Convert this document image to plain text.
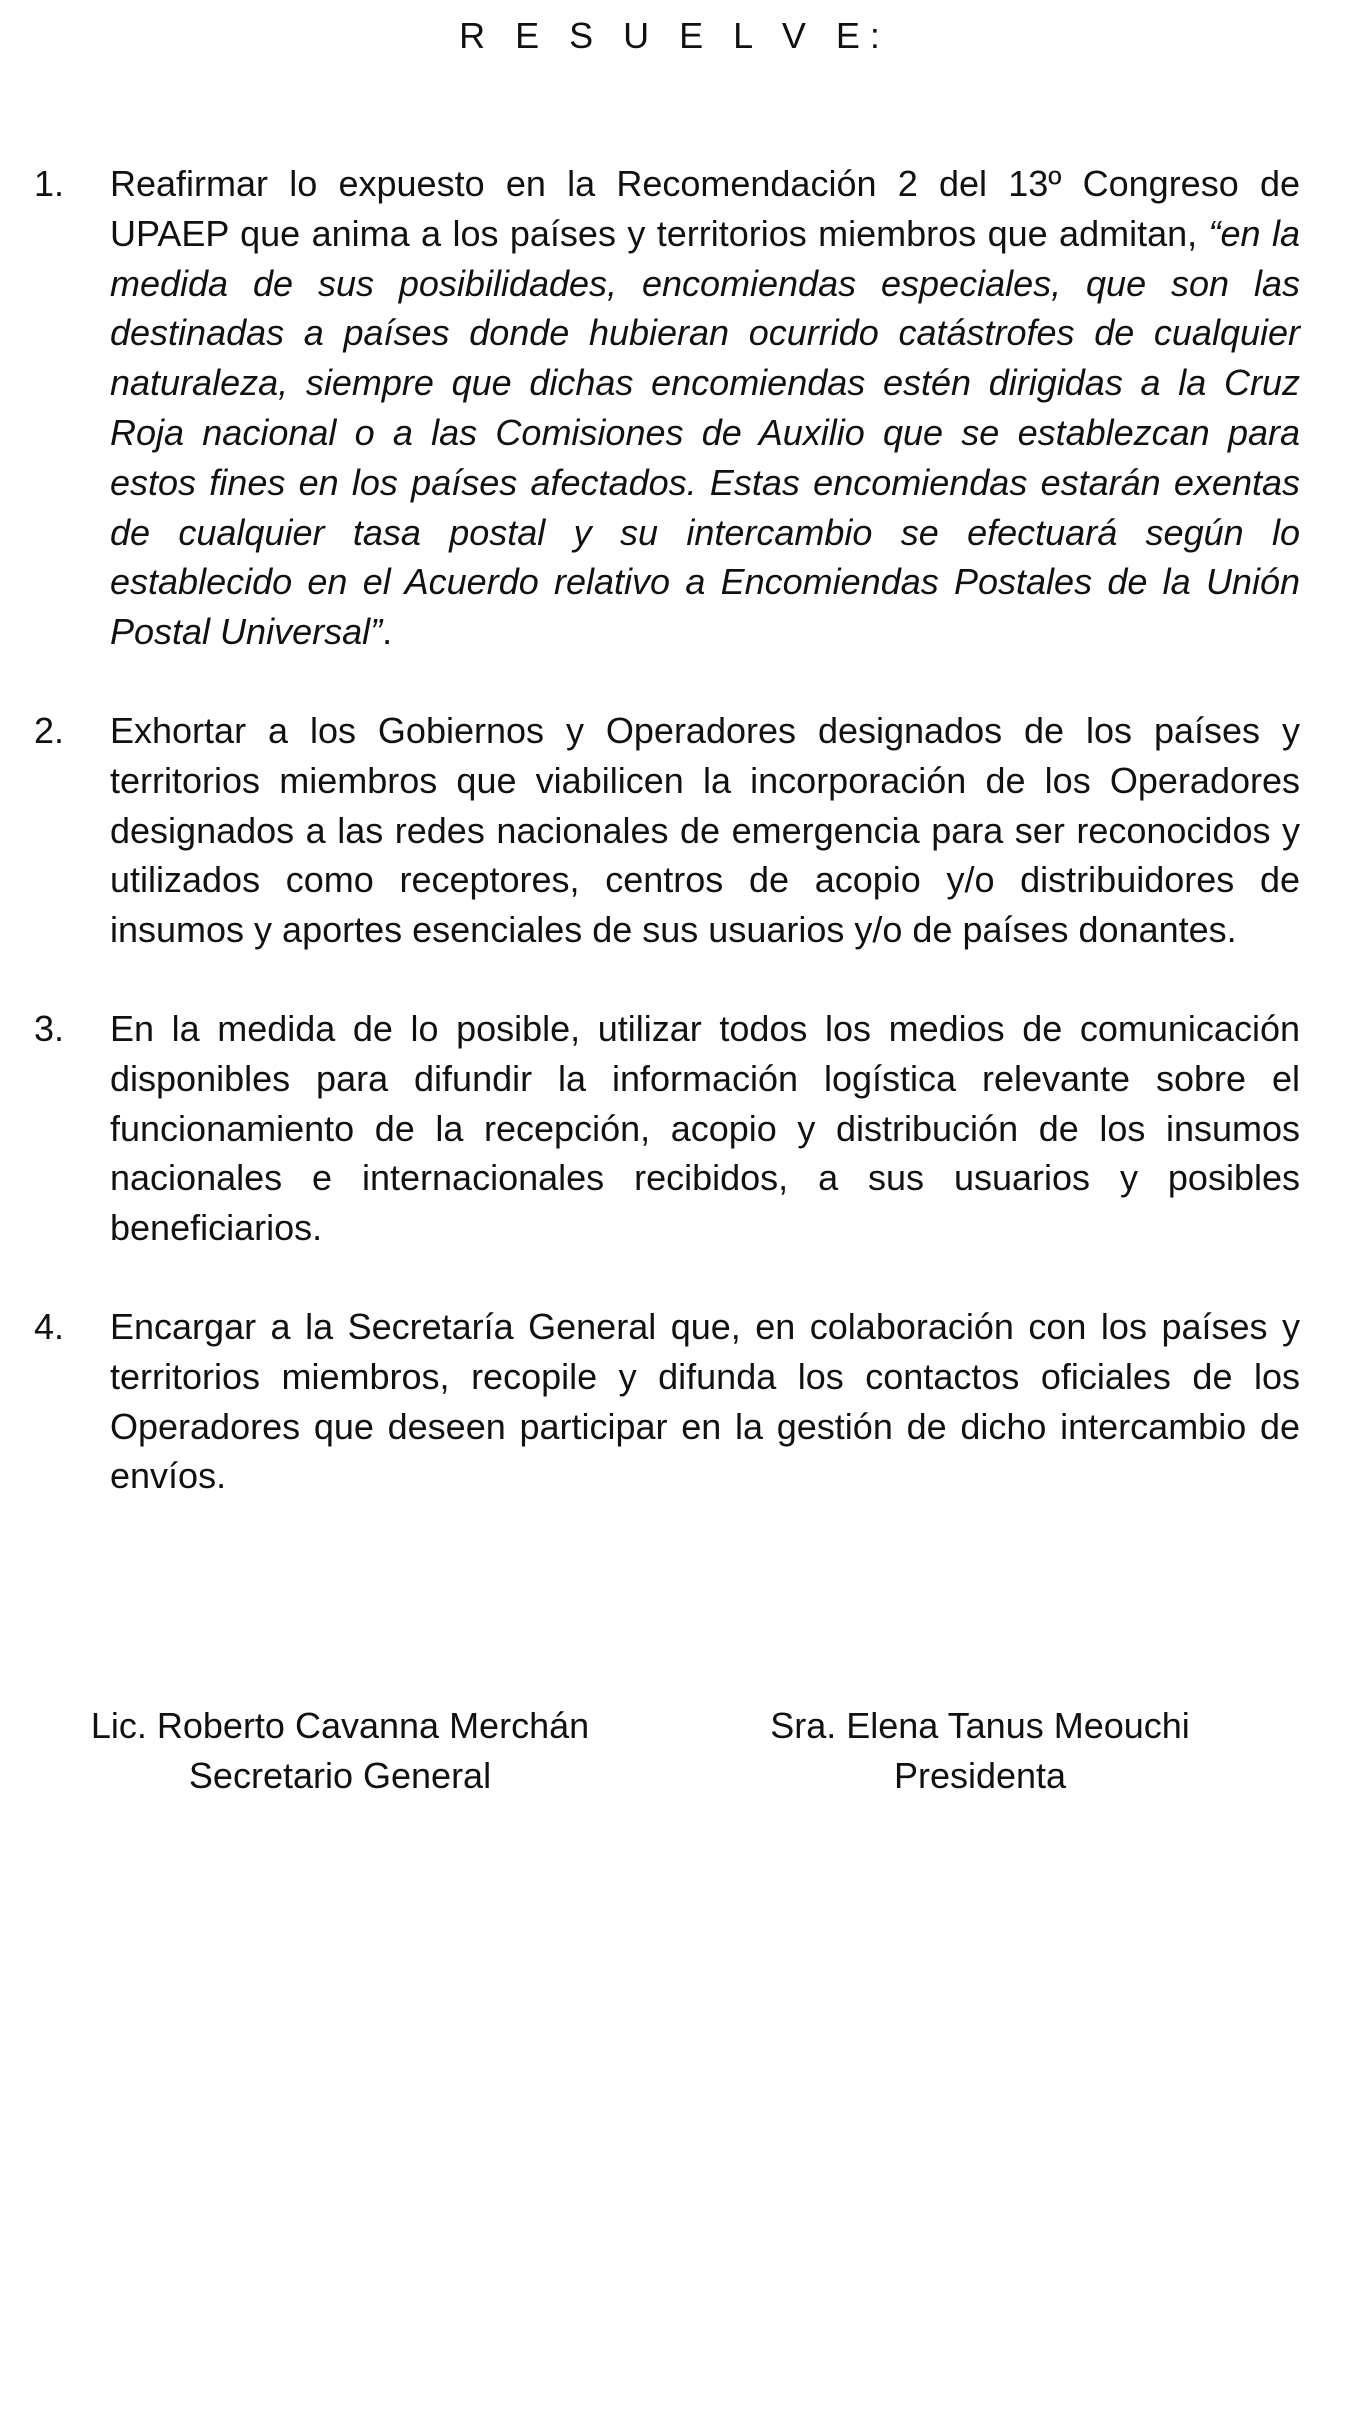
R E S U E L V E:
1. Reafirmar lo expuesto en la Recomendación 2 del 13º Congreso de UPAEP que anima a los países y territorios miembros que admitan, “en la medida de sus posibilidades, encomiendas especiales, que son las destinadas a países donde hubieran ocurrido catástrofes de cualquier naturaleza, siempre que dichas encomiendas estén dirigidas a la Cruz Roja nacional o a las Comisiones de Auxilio que se establezcan para estos fines en los países afectados. Estas encomiendas estarán exentas de cualquier tasa postal y su intercambio se efectuará según lo establecido en el Acuerdo relativo a Encomiendas Postales de la Unión Postal Universal”.
2. Exhortar a los Gobiernos y Operadores designados de los países y territorios miembros que viabilicen la incorporación de los Operadores designados a las redes nacionales de emergencia para ser reconocidos y utilizados como receptores, centros de acopio y/o distribuidores de insumos y aportes esenciales de sus usuarios y/o de países donantes.
3. En la medida de lo posible, utilizar todos los medios de comunicación disponibles para difundir la información logística relevante sobre el funcionamiento de la recepción, acopio y distribución de los insumos nacionales e internacionales recibidos, a sus usuarios y posibles beneficiarios.
4. Encargar a la Secretaría General que, en colaboración con los países y territorios miembros, recopile y difunda los contactos oficiales de los Operadores que deseen participar en la gestión de dicho intercambio de envíos.
Lic. Roberto Cavanna Merchán
Secretario General
Sra. Elena Tanus Meouchi
Presidenta
